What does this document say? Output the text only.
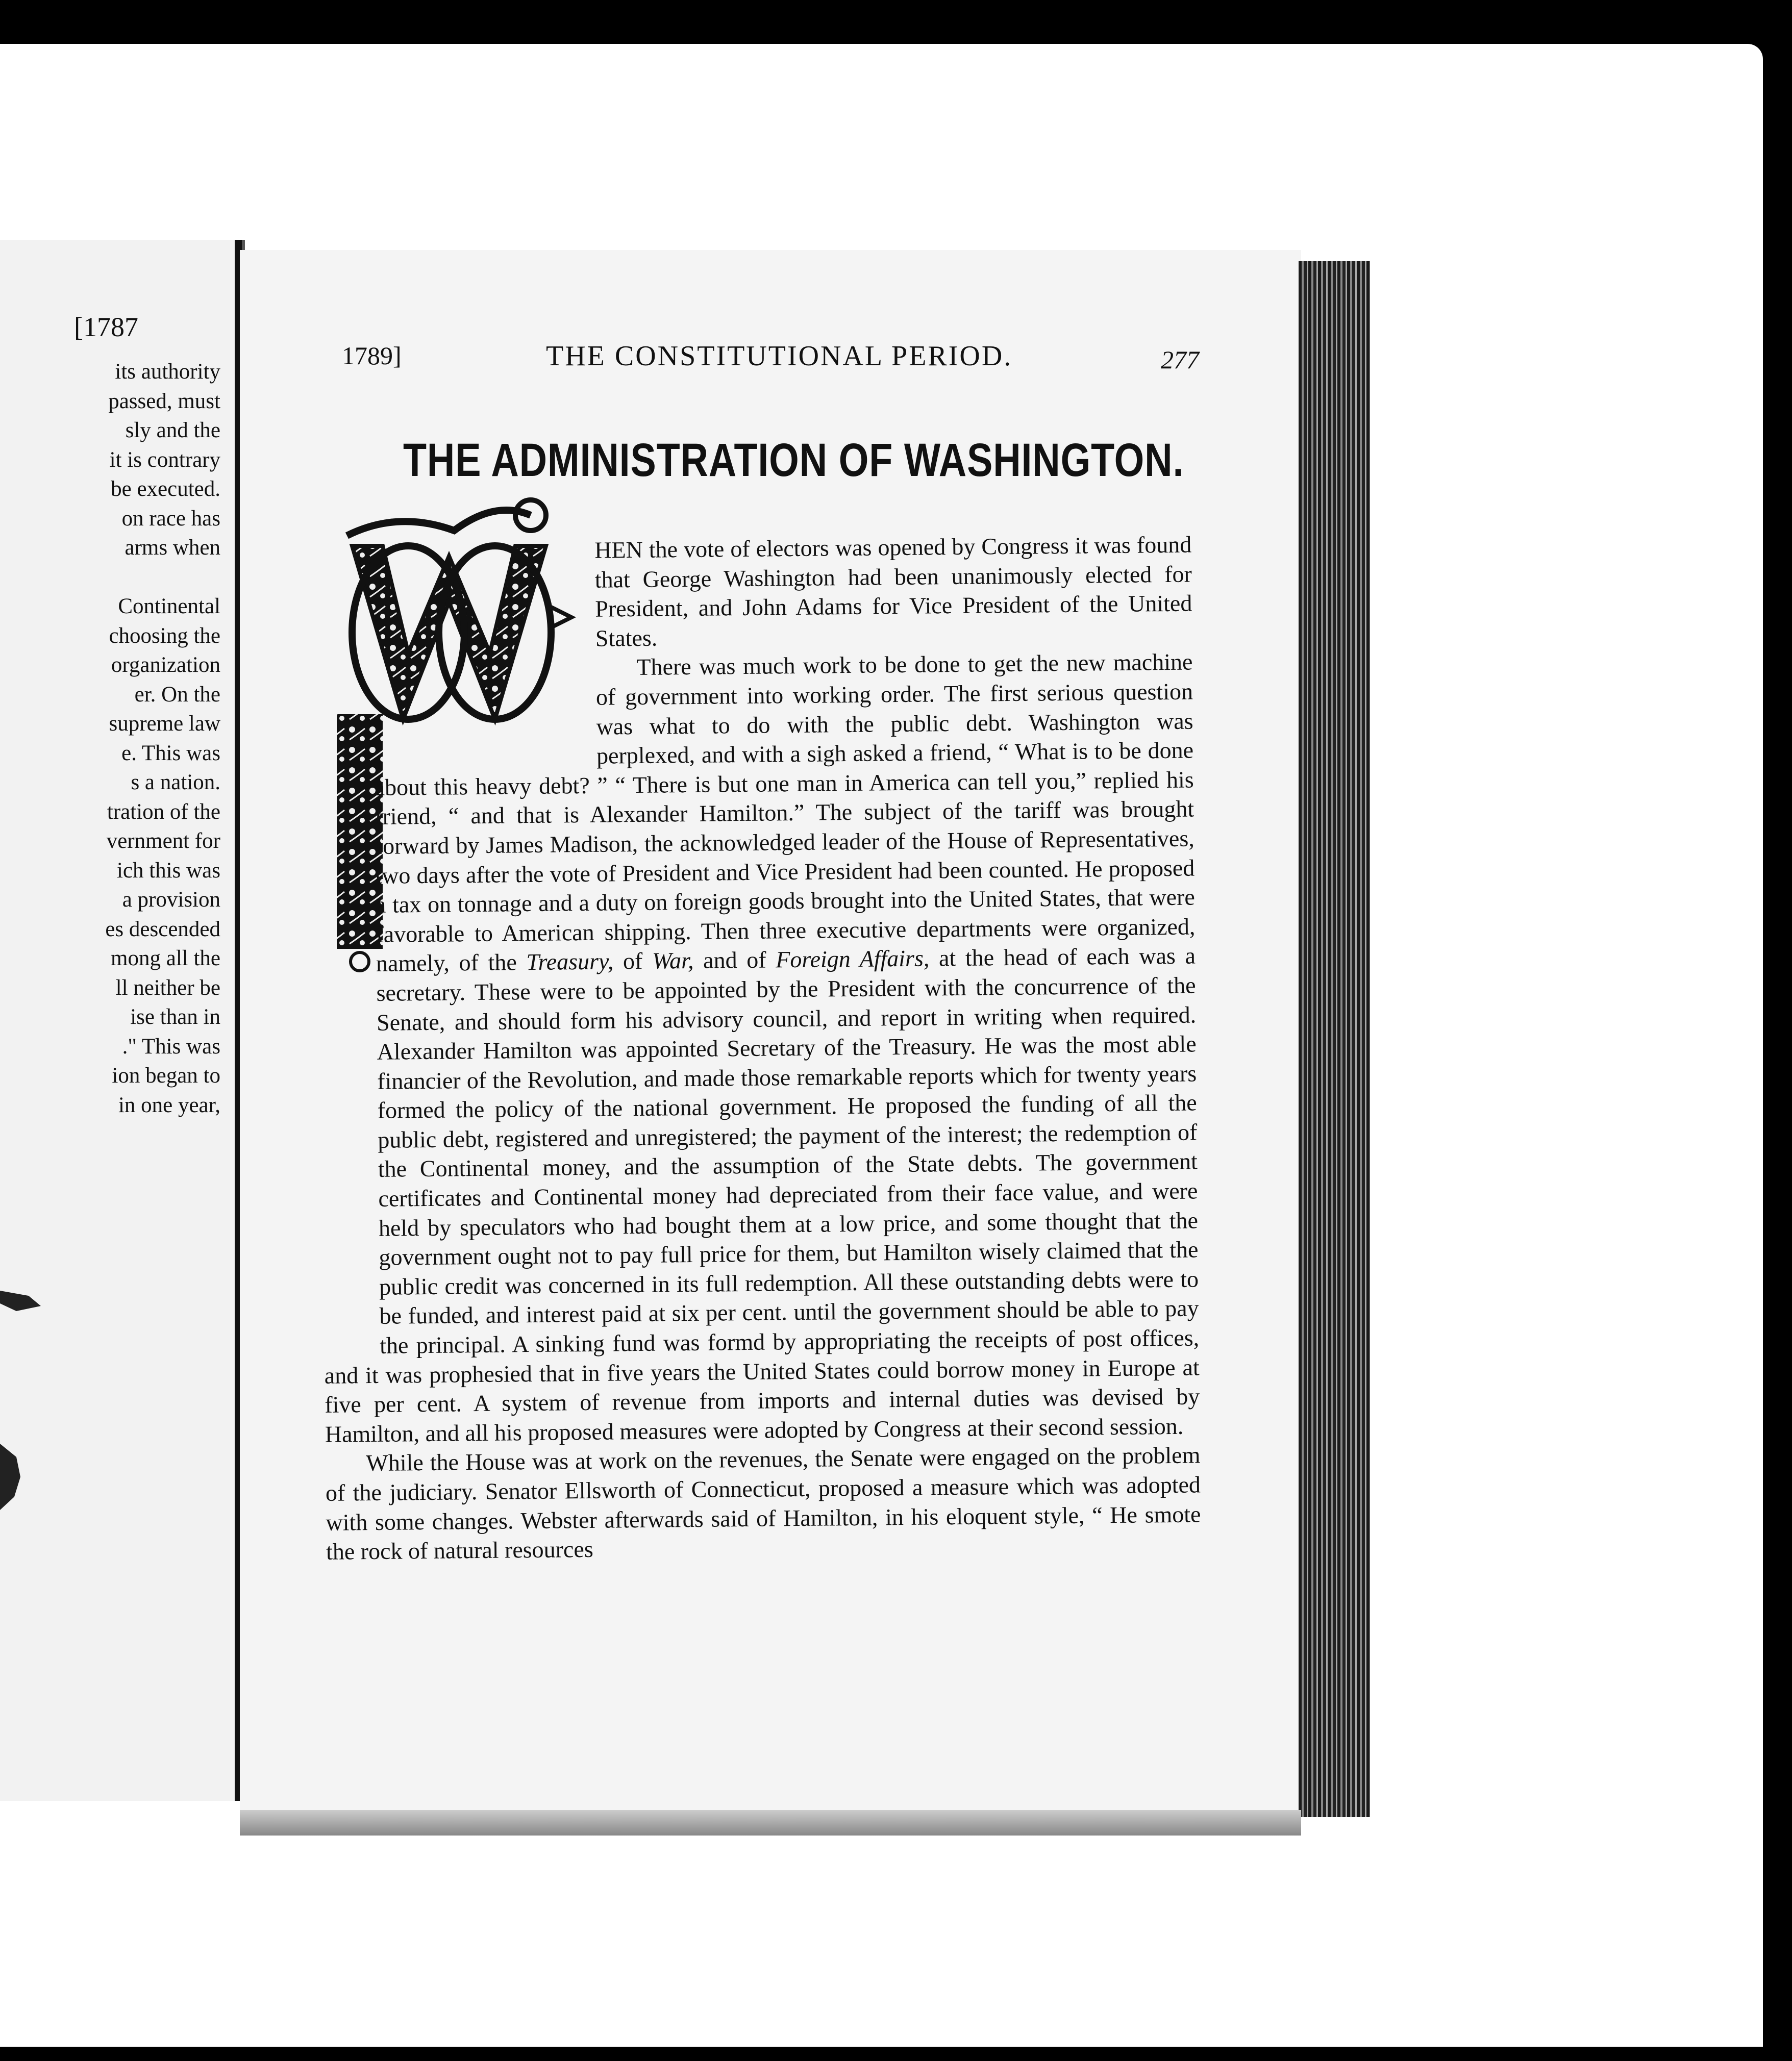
[1787
its authority
passed, must
sly and the
it is contrary
be executed.
on race has
arms when

Continental
choosing the
organization
er. On the
supreme law
e. This was
s a nation.
tration of the
vernment for
ich this was
a provision
es descended
mong all the
ll neither be
ise than in
." This was
ion began to
in one year,
1789]	THE CONSTITUTIONAL PERIOD.	277
THE ADMINISTRATION OF WASHINGTON.

HEN the vote of electors was opened by Congress it was found that George Washington had been unanimously elected for President, and John Adams for Vice President of the United States.

There was much work to be done to get the new machine of government into working order. The first serious question was what to do with the public debt. Washington was perplexed, and with a sigh asked a friend, “ What is to be done about this heavy debt? ” “ There is but one man in America can tell you,” replied his friend, “ and that is Alexander Hamilton.” The subject of the tariff was brought forward by James Madison, the acknowledged leader of the House of Representatives, two days after the vote of President and Vice President had been counted. He proposed a tax on tonnage and a duty on foreign goods brought into the United States, that were favorable to American shipping. Then three executive departments were organized, namely, of the Treasury, of War, and of Foreign Affairs, at the head of each was a secretary. These were to be appointed by the President with the concurrence of the Senate, and should form his advisory council, and report in writing when required. Alexander Hamilton was appointed Secretary of the Treasury. He was the most able financier of the Revolution, and made those remarkable reports which for twenty years formed the policy of the national government. He proposed the funding of all the public debt, registered and unregistered; the payment of the interest; the redemption of the Continental money, and the assumption of the State debts. The government certificates and Continental money had depreciated from their face value, and were held by speculators who had bought them at a low price, and some thought that the government ought not to pay full price for them, but Hamilton wisely claimed that the public credit was concerned in its full redemption. All these outstanding debts were to be funded, and interest paid at six per cent. until the government should be able to pay the principal. A sinking fund was formd by appropriating the receipts of post offices, and it was prophesied that in five years the United States could borrow money in Europe at five per cent. A system of revenue from imports and internal duties was devised by Hamilton, and all his proposed measures were adopted by Congress at their second session.

While the House was at work on the revenues, the Senate were engaged on the problem of the judiciary. Senator Ellsworth of Connecticut, proposed a measure which was adopted with some changes. Webster afterwards said of Hamilton, in his eloquent style, “ He smote the rock of natural resources
